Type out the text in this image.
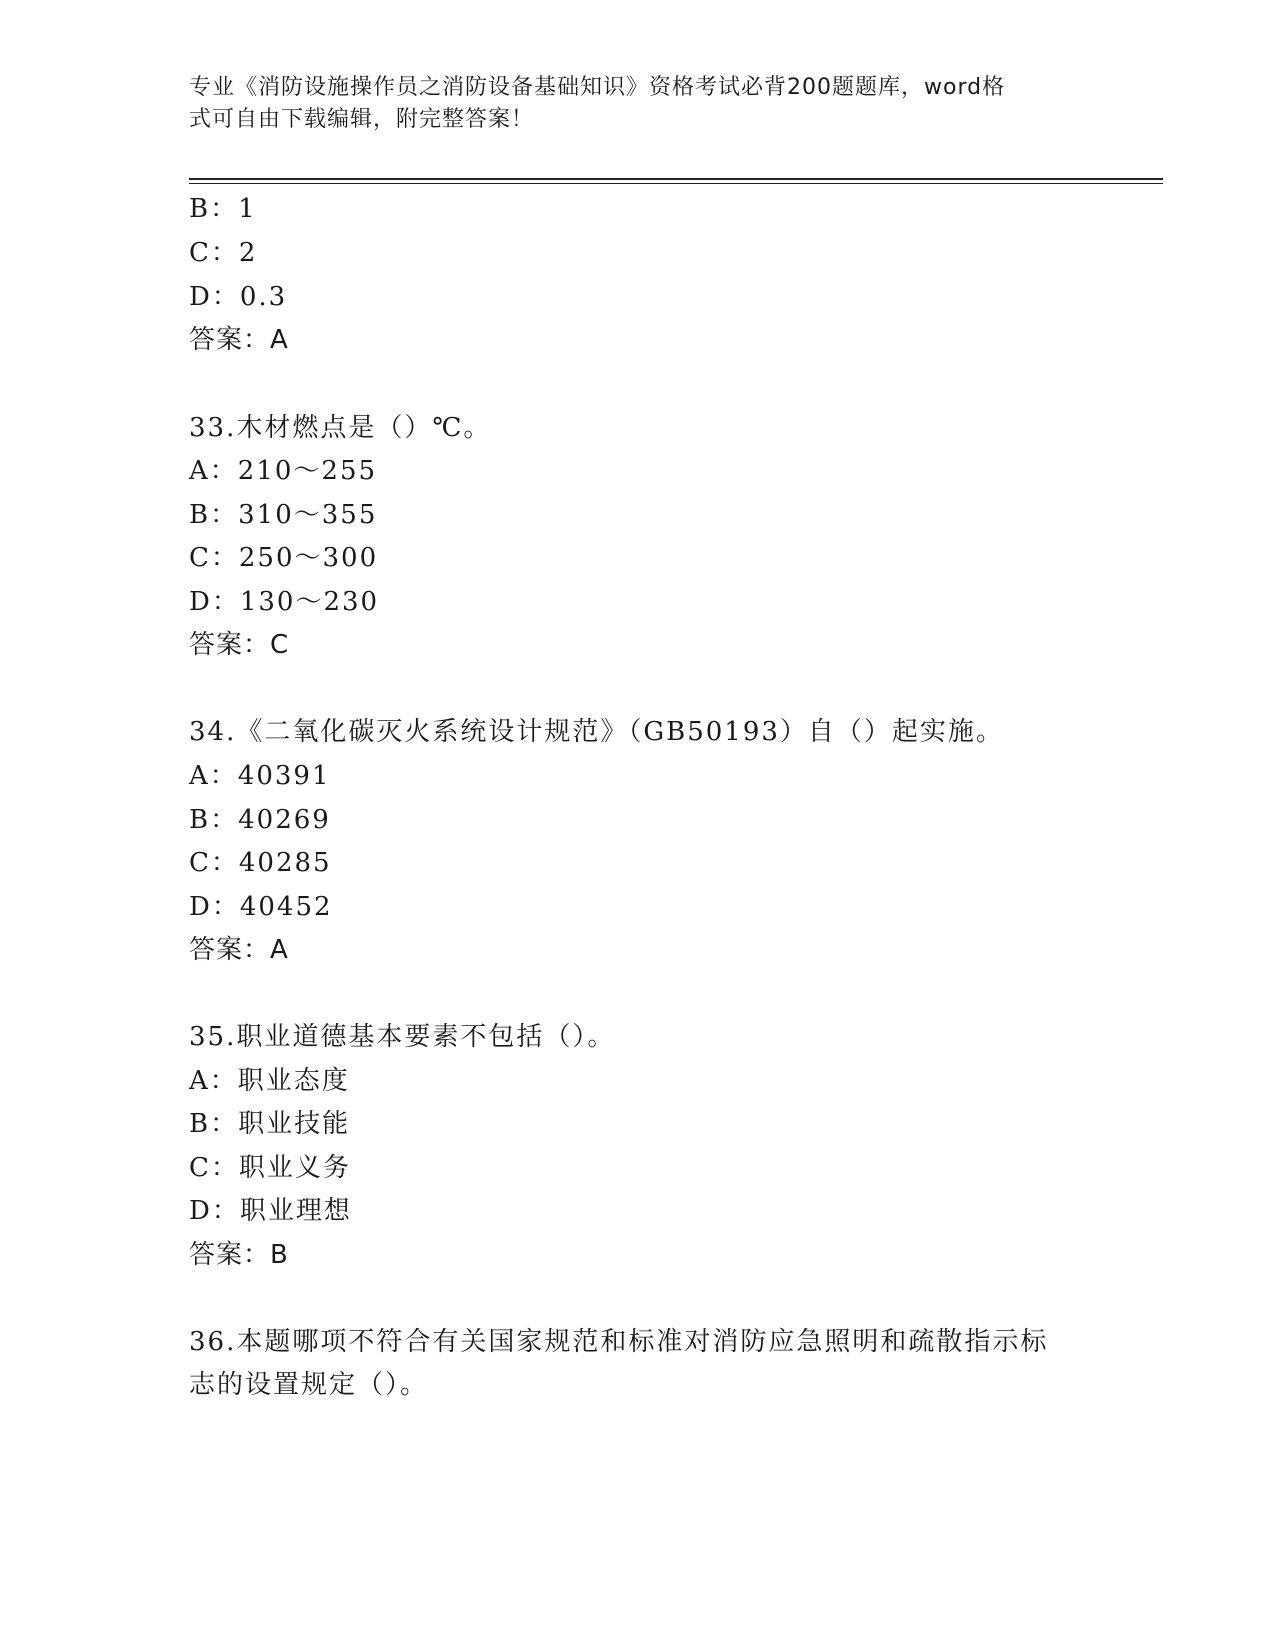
专业《消防设施操作员之消防设备基础知识》资格考试必背200题题库，word格
式可自由下载编辑，附完整答案！
B：1
C：2
D：0.3
答案：A
33.木材燃点是（）℃。
A：210～255
B：310～355
C：250～300
D：130～230
答案：C
34.《二氧化碳灭火系统设计规范》（GB50193）自（）起实施。
A：40391
B：40269
C：40285
D：40452
答案：A
35.职业道德基本要素不包括（）。
A：职业态度
B：职业技能
C：职业义务
D：职业理想
答案：B
36.本题哪项不符合有关国家规范和标准对消防应急照明和疏散指示标
志的设置规定（）。
